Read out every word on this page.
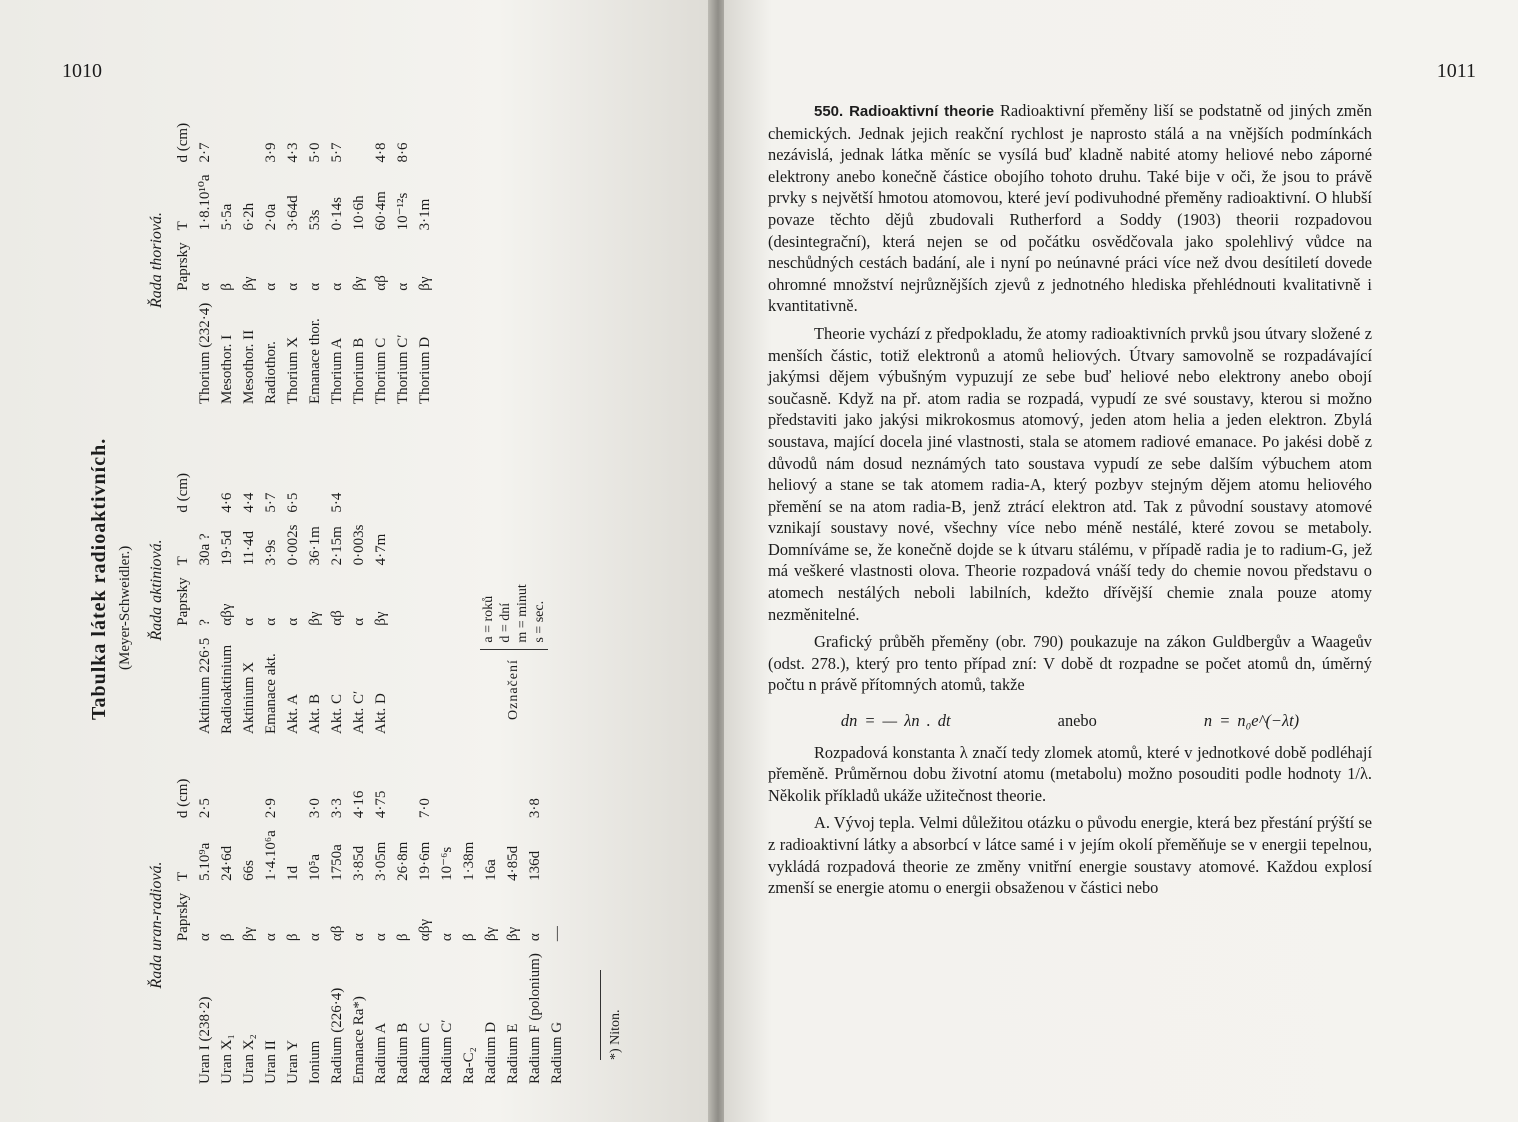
1010
Tabulka látek radioaktivních. (Meyer-Schweidler.)
Řada uran-radiová.
	Paprsky	T	d (cm)
Uran I (238·2)	α	5.10⁹a	2·5
Uran X₁	β	24·6d	
Uran X₂	βγ	66s	
Uran II	α	1·4.10⁶a	2·9
Uran Y	β	1d	
Ionium	α	10⁵a	3·0
Radium (226·4)	αβ	1750a	3·3
Emanace Ra*)	α	3·85d	4·16
Radium A	α	3·05m	4·75
Radium B	β	26·8m	
Radium C	αβγ	19·6m	7·0
Radium C′	α	10⁻⁶s	
Ra-C₂	β	1·38m	
Radium D	βγ	16a	
Radium E	βγ	4·85d	
Radium F (polonium)	α	136d	3·8
Radium G	—		
Řada aktiniová.
	Paprsky	T	d (cm)
Aktinium 226·5	?	30a ?	
Radioaktinium	αβγ	19·5d	4·6
Aktinium X	α	11·4d	4·4
Emanace akt.	α	3·9s	5·7
Akt. A	α	0·002s	6·5
Akt. B	βγ	36·1m	
Akt. C	αβ	2·15m	5·4
Akt. C′	α	0·003s	
Akt. D	βγ	4·7m	
Řada thoriová.
	Paprsky	T	d (cm)
Thorium (232·4)	α	1·8.10¹⁰a	2·7
Mesothor. I	β	5·5a	
Mesothor. II	βγ	6·2h	
Radiothor.	α	2·0a	3·9
Thorium X	α	3·64d	4·3
Emanace thor.	α	53s	5·0
Thorium A	α	0·14s	5·7
Thorium B	βγ	10·6h	
Thorium C	αβ	60·4m	4·8
Thorium C′	α	10⁻¹²s	8·6
Thorium D	βγ	3·1m	
Označení
a = roků d = dní m = minut s = sec.
*) Niton.
1011

550. Radioaktivní theorie Radioaktivní přeměny liší se podstatně od jiných změn chemických. Jednak jejich reakční rychlost je naprosto stálá a na vnějších podmínkách nezávislá, jednak látka měníc se vysílá buď kladně nabité atomy heliové nebo záporné elektrony anebo konečně částice obojího tohoto druhu. Také bije v oči, že jsou to právě prvky s největší hmotou atomovou, které jeví podivuhodné přeměny radioaktivní. O hlubší povaze těchto dějů zbudovali Rutherford a Soddy (1903) theorii rozpadovou (desintegrační), která nejen se od počátku osvědčovala jako spolehlivý vůdce na neschůdných cestách badání, ale i nyní po neúnavné práci více než dvou desítiletí dovede ohromné množství nejrůznějších zjevů z jednotného hlediska přehlédnouti kvalitativně i kvantitativně.

Theorie vychází z předpokladu, že atomy radioaktivních prvků jsou útvary složené z menších částic, totiž elektronů a atomů heliových. Útvary samovolně se rozpadávající jakýmsi dějem výbušným vypuzují ze sebe buď heliové nebo elektrony anebo obojí současně. Když na př. atom radia se rozpadá, vypudí ze své soustavy, kterou si možno představiti jako jakýsi mikrokosmus atomový, jeden atom helia a jeden elektron. Zbylá soustava, mající docela jiné vlastnosti, stala se atomem radiové emanace. Po jakési době z důvodů nám dosud neznámých tato soustava vypudí ze sebe dalším výbuchem atom heliový a stane se tak atomem radia-A, který pozbyv stejným dějem atomu heliového přemění se na atom radia-B, jenž ztrácí elektron atd. Tak z původní soustavy atomové vznikají soustavy nové, všechny více nebo méně nestálé, které zovou se metaboly. Domníváme se, že konečně dojde se k útvaru stálému, v případě radia je to radium-G, jež má veškeré vlastnosti olova. Theorie rozpadová vnáší tedy do chemie novou představu o atomech nestálých neboli labilních, kdežto dřívější chemie znala pouze atomy nezměnitelné.

Grafický průběh přeměny (obr. 790) poukazuje na zákon Guldbergův a Waageův (odst. 278.), který pro tento případ zní: V době dt rozpadne se počet atomů dn, úměrný počtu n právě přítomných atomů, takže

dn = — λn . dt	anebo	n = n₀e^(−λt)

Rozpadová konstanta λ značí tedy zlomek atomů, které v jednotkové době podléhají přeměně. Průměrnou dobu životní atomu (metabolu) možno posouditi podle hodnoty 1/λ. Několik příkladů ukáže užitečnost theorie.

A. Vývoj tepla. Velmi důležitou otázku o původu energie, která bez přestání prýští se z radioaktivní látky a absorbcí v látce samé i v jejím okolí přeměňuje se v energii tepelnou, vykládá rozpadová theorie ze změny vnitřní energie soustavy atomové. Každou explosí zmenší se energie atomu o energii obsaženou v částici nebo
